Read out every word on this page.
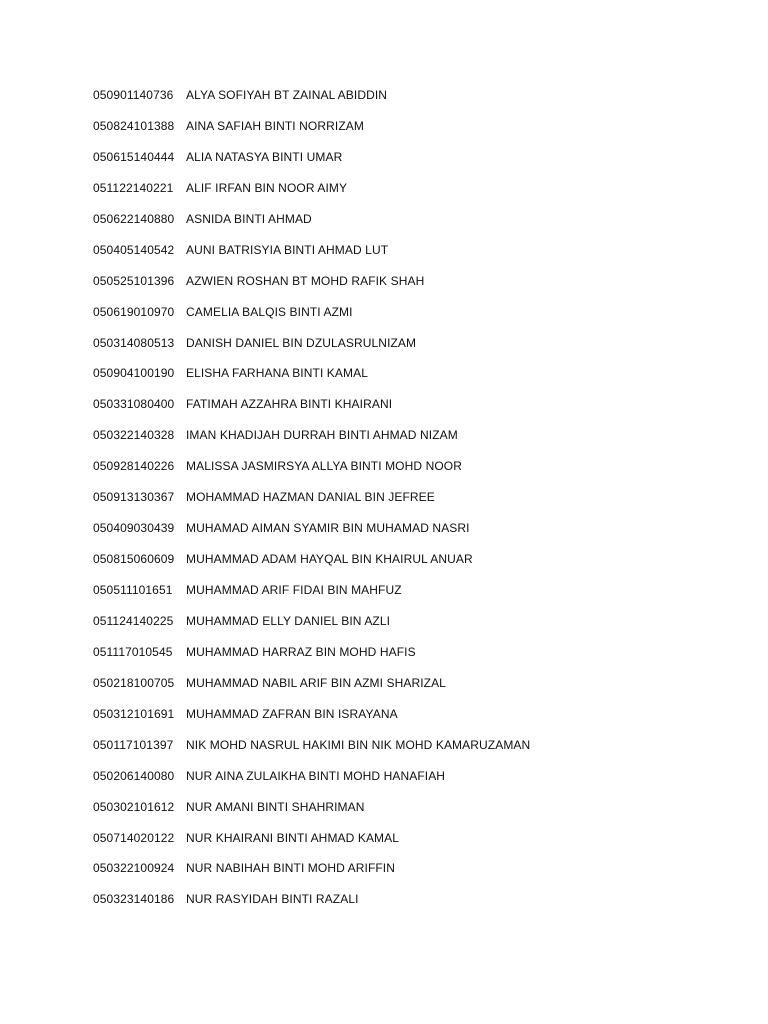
050901140736	ALYA SOFIYAH BT ZAINAL ABIDDIN
050824101388 AINA SAFIAH BINTI NORRIZAM
050615140444 ALIA NATASYA BINTI UMAR
051122140221	ALIF IRFAN BIN NOOR AIMY
050622140880 ASNIDA BINTI AHMAD
050405140542 AUNI BATRISYIA BINTI AHMAD LUT
050525101396 AZWIEN ROSHAN BT MOHD RAFIK SHAH
050619010970 CAMELIA BALQIS BINTI AZMI
050314080513 DANISH DANIEL BIN DZULASRULNIZAM
050904100190 ELISHA FARHANA BINTI KAMAL
050331080400 FATIMAH AZZAHRA BINTI KHAIRANI
050322140328 IMAN KHADIJAH DURRAH BINTI AHMAD NIZAM
050928140226 MALISSA JASMIRSYA ALLYA BINTI MOHD NOOR
050913130367 MOHAMMAD HAZMAN DANIAL BIN JEFREE
050409030439 MUHAMAD AIMAN SYAMIR BIN MUHAMAD NASRI
050815060609 MUHAMMAD ADAM HAYQAL BIN KHAIRUL ANUAR
050511101651	MUHAMMAD ARIF FIDAI BIN MAHFUZ
051124140225	MUHAMMAD ELLY DANIEL BIN AZLI
051117010545	MUHAMMAD HARRAZ BIN MOHD HAFIS
050218100705 MUHAMMAD NABIL ARIF BIN AZMI SHARIZAL
050312101691 MUHAMMAD ZAFRAN BIN ISRAYANA
050117101397	NIK MOHD NASRUL HAKIMI BIN NIK MOHD KAMARUZAMAN
050206140080 NUR AINA ZULAIKHA BINTI MOHD HANAFIAH
050302101612 NUR AMANI BINTI SHAHRIMAN
050714020122 NUR KHAIRANI BINTI AHMAD KAMAL
050322100924 NUR NABIHAH BINTI MOHD ARIFFIN
050323140186 NUR RASYIDAH BINTI RAZALI
